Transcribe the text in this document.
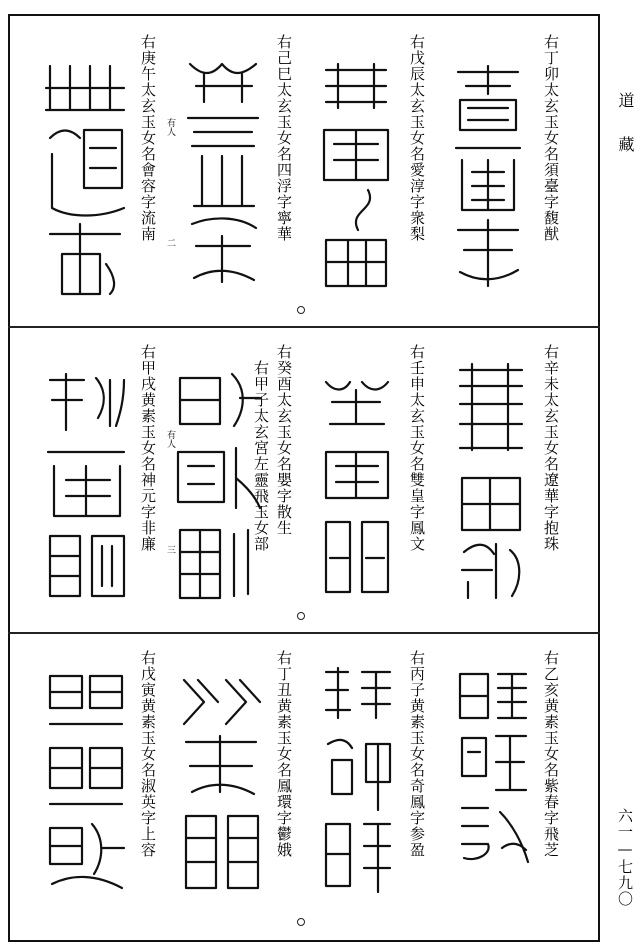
道　藏
六一—七九〇
右丁卯太玄玉女名須臺字馥猷
右戊辰太玄玉女名愛淳字衆梨
右己巳太玄玉女名四浮字寧華
右庚午太玄玉女名會容字流南 有人
二
右辛未太玄玉女名遼華字抱珠
右壬申太玄玉女名雙皇字鳳文
右癸酉太玄玉女名嬰字散生
右甲子太玄宮左靈飛玉女部
右甲戌黄素玉女名神元字非廉 有人
三
右乙亥黄素玉女名紫春字飛芝
右丙子黄素玉女名奇鳳字参盈
右丁丑黄素玉女名鳳環字鬱娥
右戊寅黄素玉女名淑英字上容
